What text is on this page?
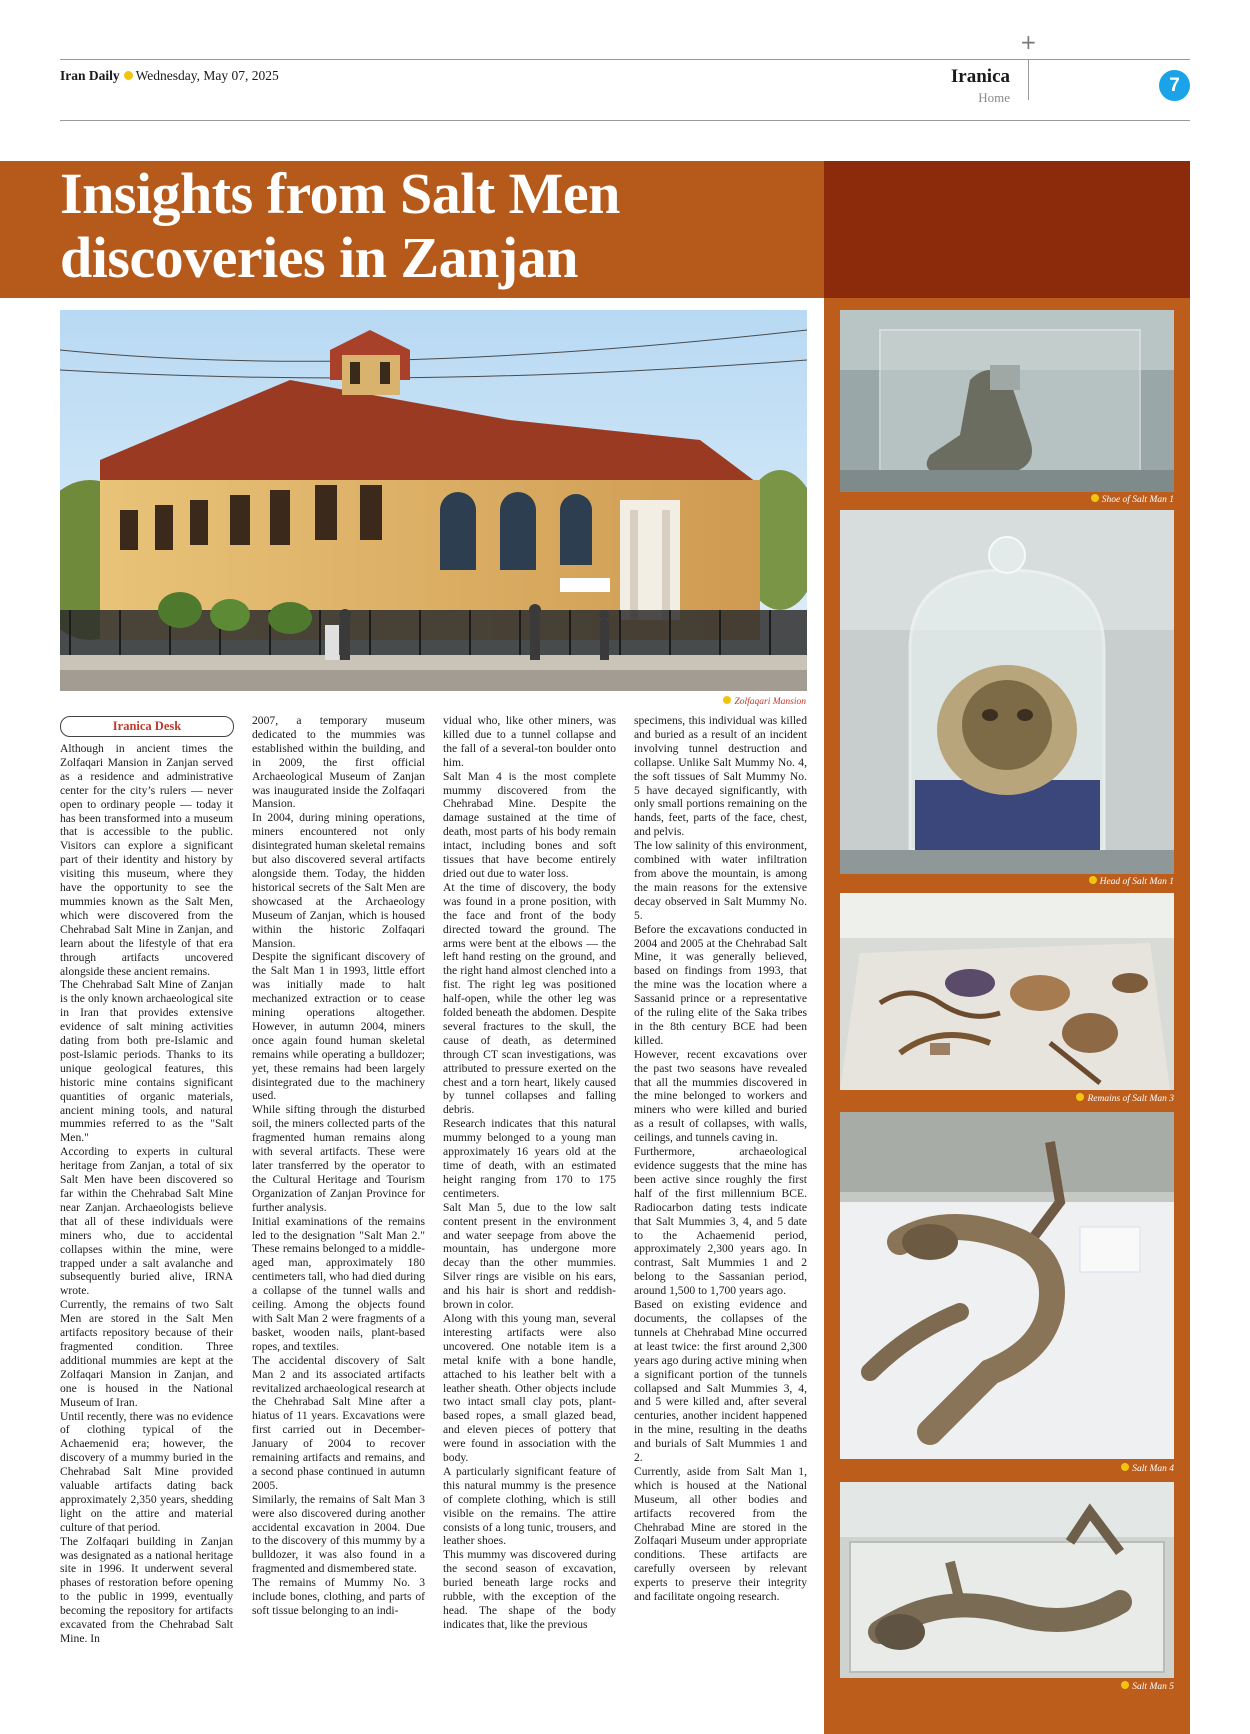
+
Iran Daily Wednesday, May 07, 2025	Iranica
Home
7
Insights from Salt Men
discoveries in Zanjan
Zolfaqari Mansion
Shoe of Salt Man 1
Head of Salt Man 1
Remains of Salt Man 3
Salt Man 4
Salt Man 5
Iranica Desk

Although in ancient times the Zolfaqari Mansion in Zanjan served as a residence and administrative center for the city’s rulers — never open to ordinary people — today it has been transformed into a museum that is accessible to the public. Visitors can explore a significant part of their identity and history by visiting this museum, where they have the opportunity to see the mummies known as the Salt Men, which were discovered from the Chehrabad Salt Mine in Zanjan, and learn about the lifestyle of that era through artifacts uncovered alongside these ancient remains.

The Chehrabad Salt Mine of Zanjan is the only known archaeological site in Iran that provides extensive evidence of salt mining activities dating from both pre-Islamic and post-Islamic periods. Thanks to its unique geological features, this historic mine contains significant quantities of organic materials, ancient mining tools, and natural mummies referred to as the "Salt Men."

According to experts in cultural heritage from Zanjan, a total of six Salt Men have been discovered so far within the Chehrabad Salt Mine near Zanjan. Archaeologists believe that all of these individuals were miners who, due to accidental collapses within the mine, were trapped under a salt avalanche and subsequently buried alive, IRNA wrote.

Currently, the remains of two Salt Men are stored in the Salt Men artifacts repository because of their fragmented condition. Three additional mummies are kept at the Zolfaqari Mansion in Zanjan, and one is housed in the National Museum of Iran.

Until recently, there was no evidence of clothing typical of the Achaemenid era; however, the discovery of a mummy buried in the Chehrabad Salt Mine provided valuable artifacts dating back approximately 2,350 years, shedding light on the attire and material culture of that period.

The Zolfaqari building in Zanjan was designated as a national heritage site in 1996. It underwent several phases of restoration before opening to the public in 1999, eventually becoming the repository for artifacts excavated from the Chehrabad Salt Mine. In

2007, a temporary museum dedicated to the mummies was established within the building, and in 2009, the first official Archaeological Museum of Zanjan was inaugurated inside the Zolfaqari Mansion.

In 2004, during mining operations, miners encountered not only disintegrated human skeletal remains but also discovered several artifacts alongside them. Today, the hidden historical secrets of the Salt Men are showcased at the Archaeology Museum of Zanjan, which is housed within the historic Zolfaqari Mansion.

Despite the significant discovery of the Salt Man 1 in 1993, little effort was initially made to halt mechanized extraction or to cease mining operations altogether. However, in autumn 2004, miners once again found human skeletal remains while operating a bulldozer; yet, these remains had been largely disintegrated due to the machinery used.

While sifting through the disturbed soil, the miners collected parts of the fragmented human remains along with several artifacts. These were later transferred by the operator to the Cultural Heritage and Tourism Organization of Zanjan Province for further analysis.

Initial examinations of the remains led to the designation "Salt Man 2." These remains belonged to a middle-aged man, approximately 180 centimeters tall, who had died during a collapse of the tunnel walls and ceiling. Among the objects found with Salt Man 2 were fragments of a basket, wooden nails, plant-based ropes, and textiles.

The accidental discovery of Salt Man 2 and its associated artifacts revitalized archaeological research at the Chehrabad Salt Mine after a hiatus of 11 years. Excavations were first carried out in December-January of 2004 to recover remaining artifacts and remains, and a second phase continued in autumn 2005.

Similarly, the remains of Salt Man 3 were also discovered during another accidental excavation in 2004. Due to the discovery of this mummy by a bulldozer, it was also found in a fragmented and dismembered state.

The remains of Mummy No. 3 include bones, clothing, and parts of soft tissue belonging to an indi-

vidual who, like other miners, was killed due to a tunnel collapse and the fall of a several-ton boulder onto him.

Salt Man 4 is the most complete mummy discovered from the Chehrabad Mine. Despite the damage sustained at the time of death, most parts of his body remain intact, including bones and soft tissues that have become entirely dried out due to water loss.

At the time of discovery, the body was found in a prone position, with the face and front of the body directed toward the ground. The arms were bent at the elbows — the left hand resting on the ground, and the right hand almost clenched into a fist. The right leg was positioned half-open, while the other leg was folded beneath the abdomen. Despite several fractures to the skull, the cause of death, as determined through CT scan investigations, was attributed to pressure exerted on the chest and a torn heart, likely caused by tunnel collapses and falling debris.

Research indicates that this natural mummy belonged to a young man approximately 16 years old at the time of death, with an estimated height ranging from 170 to 175 centimeters.

Salt Man 5, due to the low salt content present in the environment and water seepage from above the mountain, has undergone more decay than the other mummies. Silver rings are visible on his ears, and his hair is short and reddish-brown in color.

Along with this young man, several interesting artifacts were also uncovered. One notable item is a metal knife with a bone handle, attached to his leather belt with a leather sheath. Other objects include two intact small clay pots, plant-based ropes, a small glazed bead, and eleven pieces of pottery that were found in association with the body.

A particularly significant feature of this natural mummy is the presence of complete clothing, which is still visible on the remains. The attire consists of a long tunic, trousers, and leather shoes.

This mummy was discovered during the second season of excavation, buried beneath large rocks and rubble, with the exception of the head. The shape of the body indicates that, like the previous

specimens, this individual was killed and buried as a result of an incident involving tunnel destruction and collapse. Unlike Salt Mummy No. 4, the soft tissues of Salt Mummy No. 5 have decayed significantly, with only small portions remaining on the hands, feet, parts of the face, chest, and pelvis.

The low salinity of this environment, combined with water infiltration from above the mountain, is among the main reasons for the extensive decay observed in Salt Mummy No. 5.

Before the excavations conducted in 2004 and 2005 at the Chehrabad Salt Mine, it was generally believed, based on findings from 1993, that the mine was the location where a Sassanid prince or a representative of the ruling elite of the Saka tribes in the 8th century BCE had been killed.

However, recent excavations over the past two seasons have revealed that all the mummies discovered in the mine belonged to workers and miners who were killed and buried as a result of collapses, with walls, ceilings, and tunnels caving in.

Furthermore, archaeological evidence suggests that the mine has been active since roughly the first half of the first millennium BCE. Radiocarbon dating tests indicate that Salt Mummies 3, 4, and 5 date to the Achaemenid period, approximately 2,300 years ago. In contrast, Salt Mummies 1 and 2 belong to the Sassanian period, around 1,500 to 1,700 years ago.

Based on existing evidence and documents, the collapses of the tunnels at Chehrabad Mine occurred at least twice: the first around 2,300 years ago during active mining when a significant portion of the tunnels collapsed and Salt Mummies 3, 4, and 5 were killed and, after several centuries, another incident happened in the mine, resulting in the deaths and burials of Salt Mummies 1 and 2.

Currently, aside from Salt Man 1, which is housed at the National Museum, all other bodies and artifacts recovered from the Chehrabad Mine are stored in the Zolfaqari Museum under appropriate conditions. These artifacts are carefully overseen by relevant experts to preserve their integrity and facilitate ongoing research.
